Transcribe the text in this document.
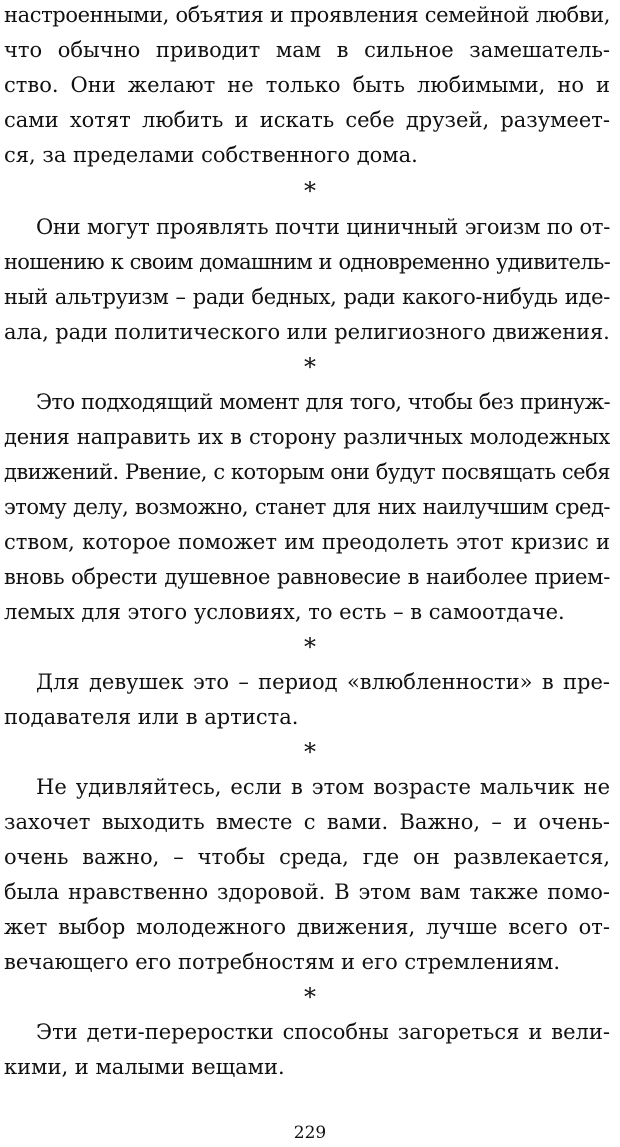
настроенными, объятия и проявления семейной любви,
что обычно приводит мам в сильное замешатель-
ство. Они желают не только быть любимыми, но и
сами хотят любить и искать себе друзей, разумеет-
ся, за пределами собственного дома.
*
Они могут проявлять почти циничный эгоизм по от-
ношению к своим домашним и одновременно удивитель-
ный альтруизм – ради бедных, ради какого-нибудь иде-
ала, ради политического или религиозного движения.
*
Это подходящий момент для того, чтобы без принуж-
дения направить их в сторону различных молодежных
движений. Рвение, с которым они будут посвящать себя
этому делу, возможно, станет для них наилучшим сред-
ством, которое поможет им преодолеть этот кризис и
вновь обрести душевное равновесие в наиболее прием-
лемых для этого условиях, то есть – в самоотдаче.
*
Для девушек это – период «влюбленности» в пре-
подавателя или в артиста.
*
Не удивляйтесь, если в этом возрасте мальчик не
захочет выходить вместе с вами. Важно, – и очень-
очень важно, – чтобы среда, где он развлекается,
была нравственно здоровой. В этом вам также помо-
жет выбор молодежного движения, лучше всего от-
вечающего его потребностям и его стремлениям.
*
Эти дети-переростки способны загореться и вели-
кими, и малыми вещами.
229
